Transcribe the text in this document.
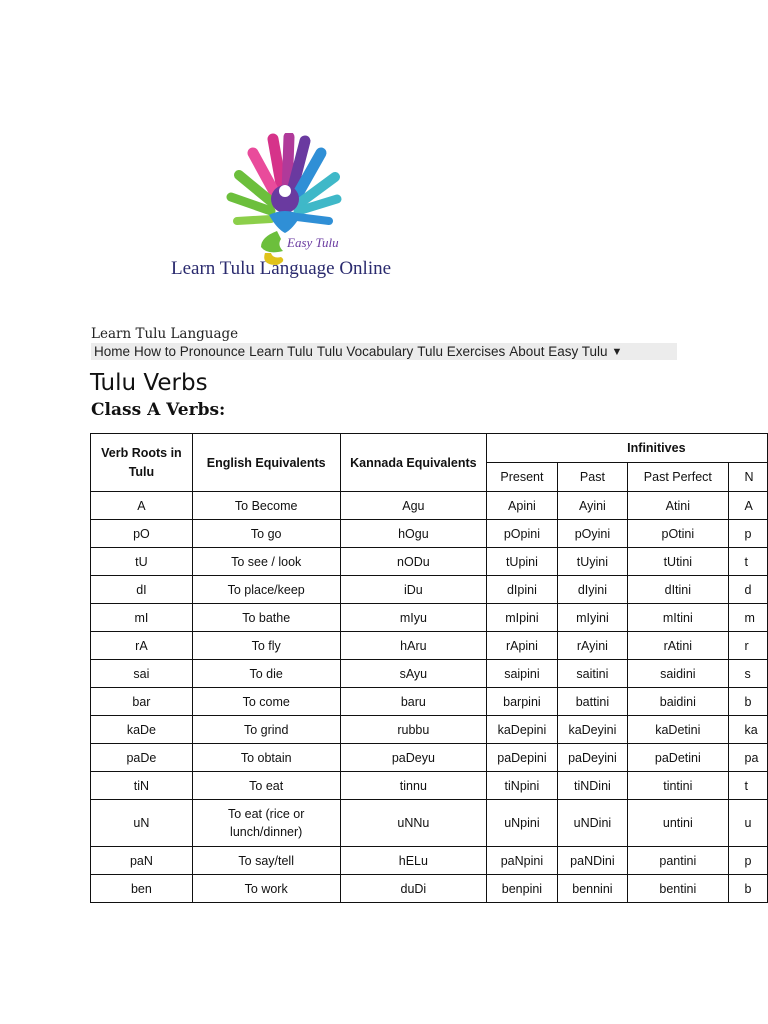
Easy Tulu
Learn Tulu Language Online
Learn Tulu Language
Home How to Pronounce Learn Tulu Tulu Vocabulary Tulu Exercises About Easy Tulu ▼
Tulu Verbs
Class A Verbs:
Verb Roots in Tulu	English Equivalents	Kannada Equivalents	Infinitives			
			Present	Past	Past Perfect	N
A	To Become	Agu	Apini	Ayini	Atini	A
pO	To go	hOgu	pOpini	pOyini	pOtini	p
tU	To see / look	nODu	tUpini	tUyini	tUtini	t
dI	To place/keep	iDu	dIpini	dIyini	dItini	d
mI	To bathe	mIyu	mIpini	mIyini	mItini	m
rA	To fly	hAru	rApini	rAyini	rAtini	r
sai	To die	sAyu	saipini	saitini	saidini	s
bar	To come	baru	barpini	battini	baidini	b
kaDe	To grind	rubbu	kaDepini	kaDeyini	kaDetini	ka
paDe	To obtain	paDeyu	paDepini	paDeyini	paDetini	pa
tiN	To eat	tinnu	tiNpini	tiNDini	tintini	t
uN	To eat (rice or lunch/dinner)	uNNu	uNpini	uNDini	untini	u
paN	To say/tell	hELu	paNpini	paNDini	pantini	p
ben	To work	duDi	benpini	bennini	bentini	b
